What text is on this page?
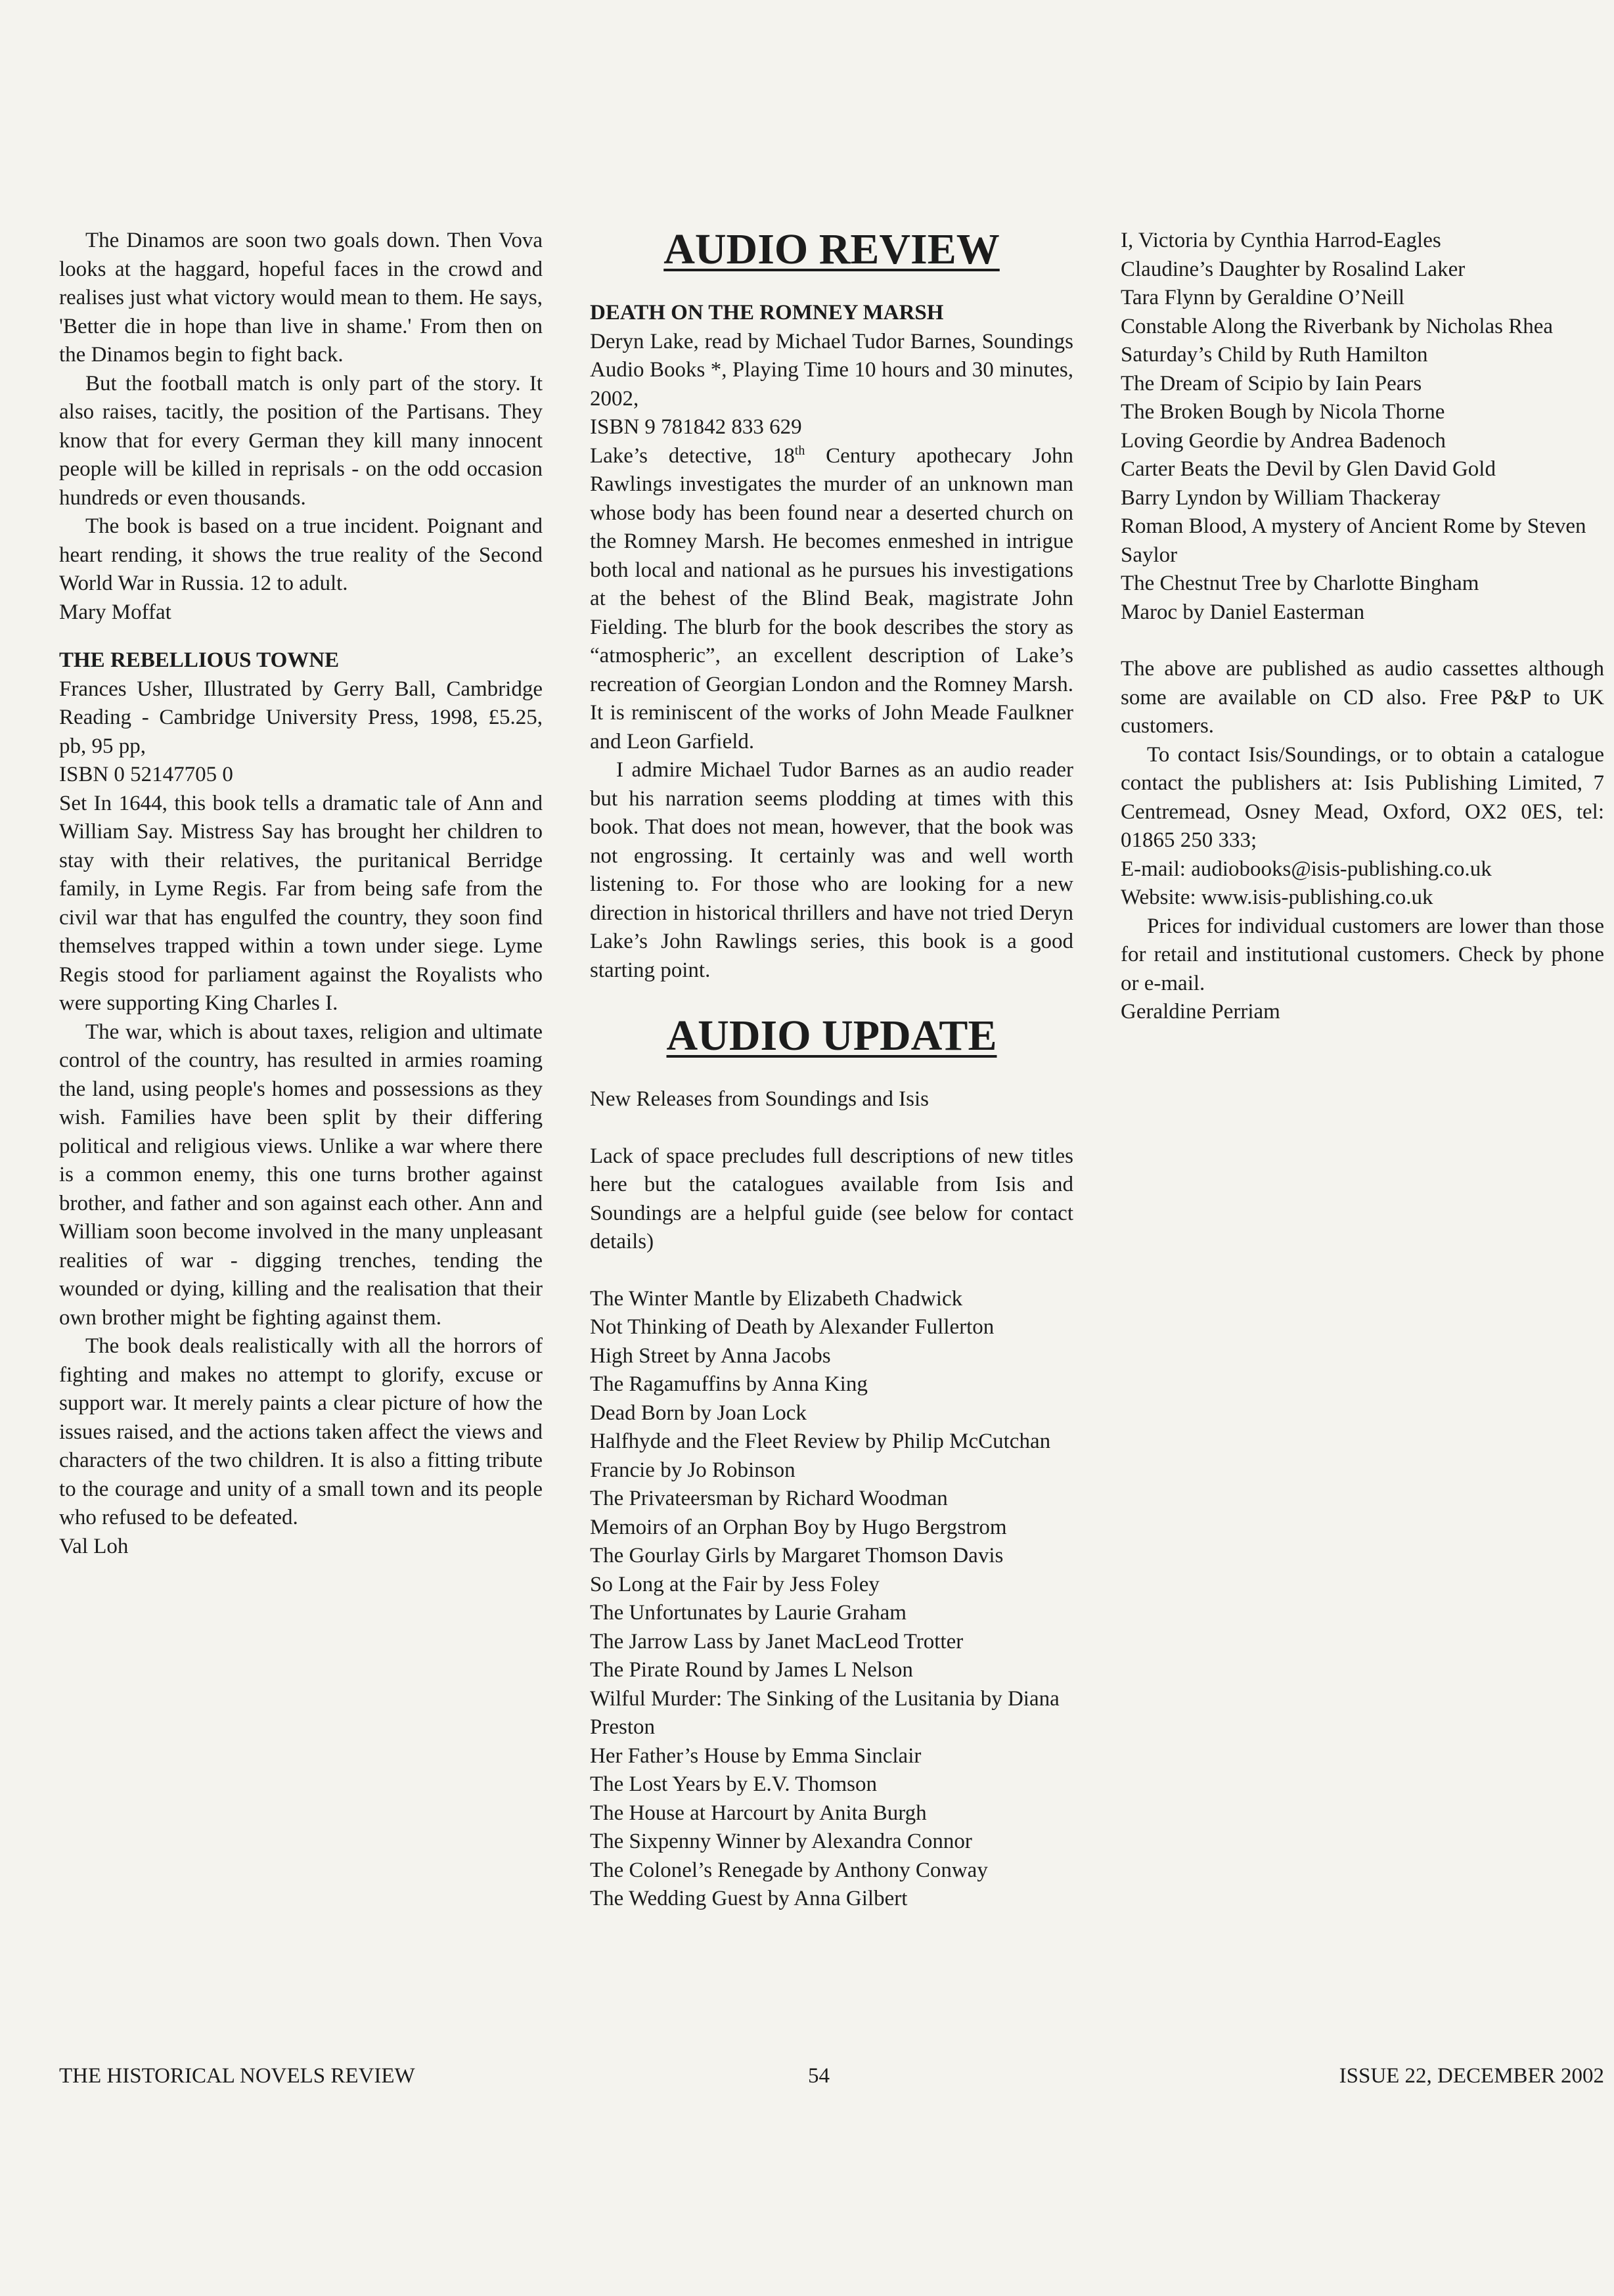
The Dinamos are soon two goals down. Then Vova looks at the haggard, hopeful faces in the crowd and realises just what victory would mean to them. He says, 'Better die in hope than live in shame.' From then on the Dinamos begin to fight back.

But the football match is only part of the story. It also raises, tacitly, the position of the Partisans. They know that for every German they kill many innocent people will be killed in reprisals - on the odd occasion hundreds or even thousands.

The book is based on a true incident. Poignant and heart rending, it shows the true reality of the Second World War in Russia. 12 to adult.

Mary Moffat

THE REBELLIOUS TOWNE

Frances Usher, Illustrated by Gerry Ball, Cambridge Reading - Cambridge University Press, 1998, £5.25, pb, 95 pp,

ISBN 0 52147705 0

Set In 1644, this book tells a dramatic tale of Ann and William Say. Mistress Say has brought her children to stay with their relatives, the puritanical Berridge family, in Lyme Regis. Far from being safe from the civil war that has engulfed the country, they soon find themselves trapped within a town under siege. Lyme Regis stood for parliament against the Royalists who were supporting King Charles I.

The war, which is about taxes, religion and ultimate control of the country, has resulted in armies roaming the land, using people's homes and possessions as they wish. Families have been split by their differing political and religious views. Unlike a war where there is a common enemy, this one turns brother against brother, and father and son against each other. Ann and William soon become involved in the many unpleasant realities of war - digging trenches, tending the wounded or dying, killing and the realisation that their own brother might be fighting against them.

The book deals realistically with all the horrors of fighting and makes no attempt to glorify, excuse or support war. It merely paints a clear picture of how the issues raised, and the actions taken affect the views and characters of the two children. It is also a fitting tribute to the courage and unity of a small town and its people who refused to be defeated.

Val Loh

AUDIO REVIEW

DEATH ON THE ROMNEY MARSH

Deryn Lake, read by Michael Tudor Barnes, Soundings Audio Books *, Playing Time 10 hours and 30 minutes, 2002,

ISBN 9 781842 833 629

Lake’s detective, 18th Century apothecary John Rawlings investigates the murder of an unknown man whose body has been found near a deserted church on the Romney Marsh. He becomes enmeshed in intrigue both local and national as he pursues his investigations at the behest of the Blind Beak, magistrate John Fielding. The blurb for the book describes the story as “atmospheric”, an excellent description of Lake’s recreation of Georgian London and the Romney Marsh. It is reminiscent of the works of John Meade Faulkner and Leon Garfield.

I admire Michael Tudor Barnes as an audio reader but his narration seems plodding at times with this book. That does not mean, however, that the book was not engrossing. It certainly was and well worth listening to. For those who are looking for a new direction in historical thrillers and have not tried Deryn Lake’s John Rawlings series, this book is a good starting point.

AUDIO UPDATE

New Releases from Soundings and Isis

Lack of space precludes full descriptions of new titles here but the catalogues available from Isis and Soundings are a helpful guide (see below for contact details)

The Winter Mantle by Elizabeth Chadwick
Not Thinking of Death by Alexander Fullerton
High Street by Anna Jacobs
The Ragamuffins by Anna King
Dead Born by Joan Lock
Halfhyde and the Fleet Review by Philip McCutchan
Francie by Jo Robinson
The Privateersman by Richard Woodman
Memoirs of an Orphan Boy by Hugo Bergstrom
The Gourlay Girls by Margaret Thomson Davis
So Long at the Fair by Jess Foley
The Unfortunates by Laurie Graham
The Jarrow Lass by Janet MacLeod Trotter
The Pirate Round by James L Nelson
Wilful Murder: The Sinking of the Lusitania by Diana Preston
Her Father’s House by Emma Sinclair
The Lost Years by E.V. Thomson
The House at Harcourt by Anita Burgh
The Sixpenny Winner by Alexandra Connor
The Colonel’s Renegade by Anthony Conway
The Wedding Guest by Anna Gilbert
I, Victoria by Cynthia Harrod-Eagles
Claudine’s Daughter by Rosalind Laker
Tara Flynn by Geraldine O’Neill
Constable Along the Riverbank by Nicholas Rhea
Saturday’s Child by Ruth Hamilton
The Dream of Scipio by Iain Pears
The Broken Bough by Nicola Thorne
Loving Geordie by Andrea Badenoch
Carter Beats the Devil by Glen David Gold
Barry Lyndon by William Thackeray
Roman Blood, A mystery of Ancient Rome by Steven Saylor
The Chestnut Tree by Charlotte Bingham
Maroc by Daniel Easterman

The above are published as audio cassettes although some are available on CD also. Free P&P to UK customers.

To contact Isis/Soundings, or to obtain a catalogue contact the publishers at: Isis Publishing Limited, 7 Centremead, Osney Mead, Oxford, OX2 0ES, tel: 01865 250 333;

E-mail: audiobooks@isis-publishing.co.uk

Website: www.isis-publishing.co.uk

Prices for individual customers are lower than those for retail and institutional customers. Check by phone or e-mail.

Geraldine Perriam

THE HISTORICAL NOVELS REVIEW	54	ISSUE 22, DECEMBER 2002
